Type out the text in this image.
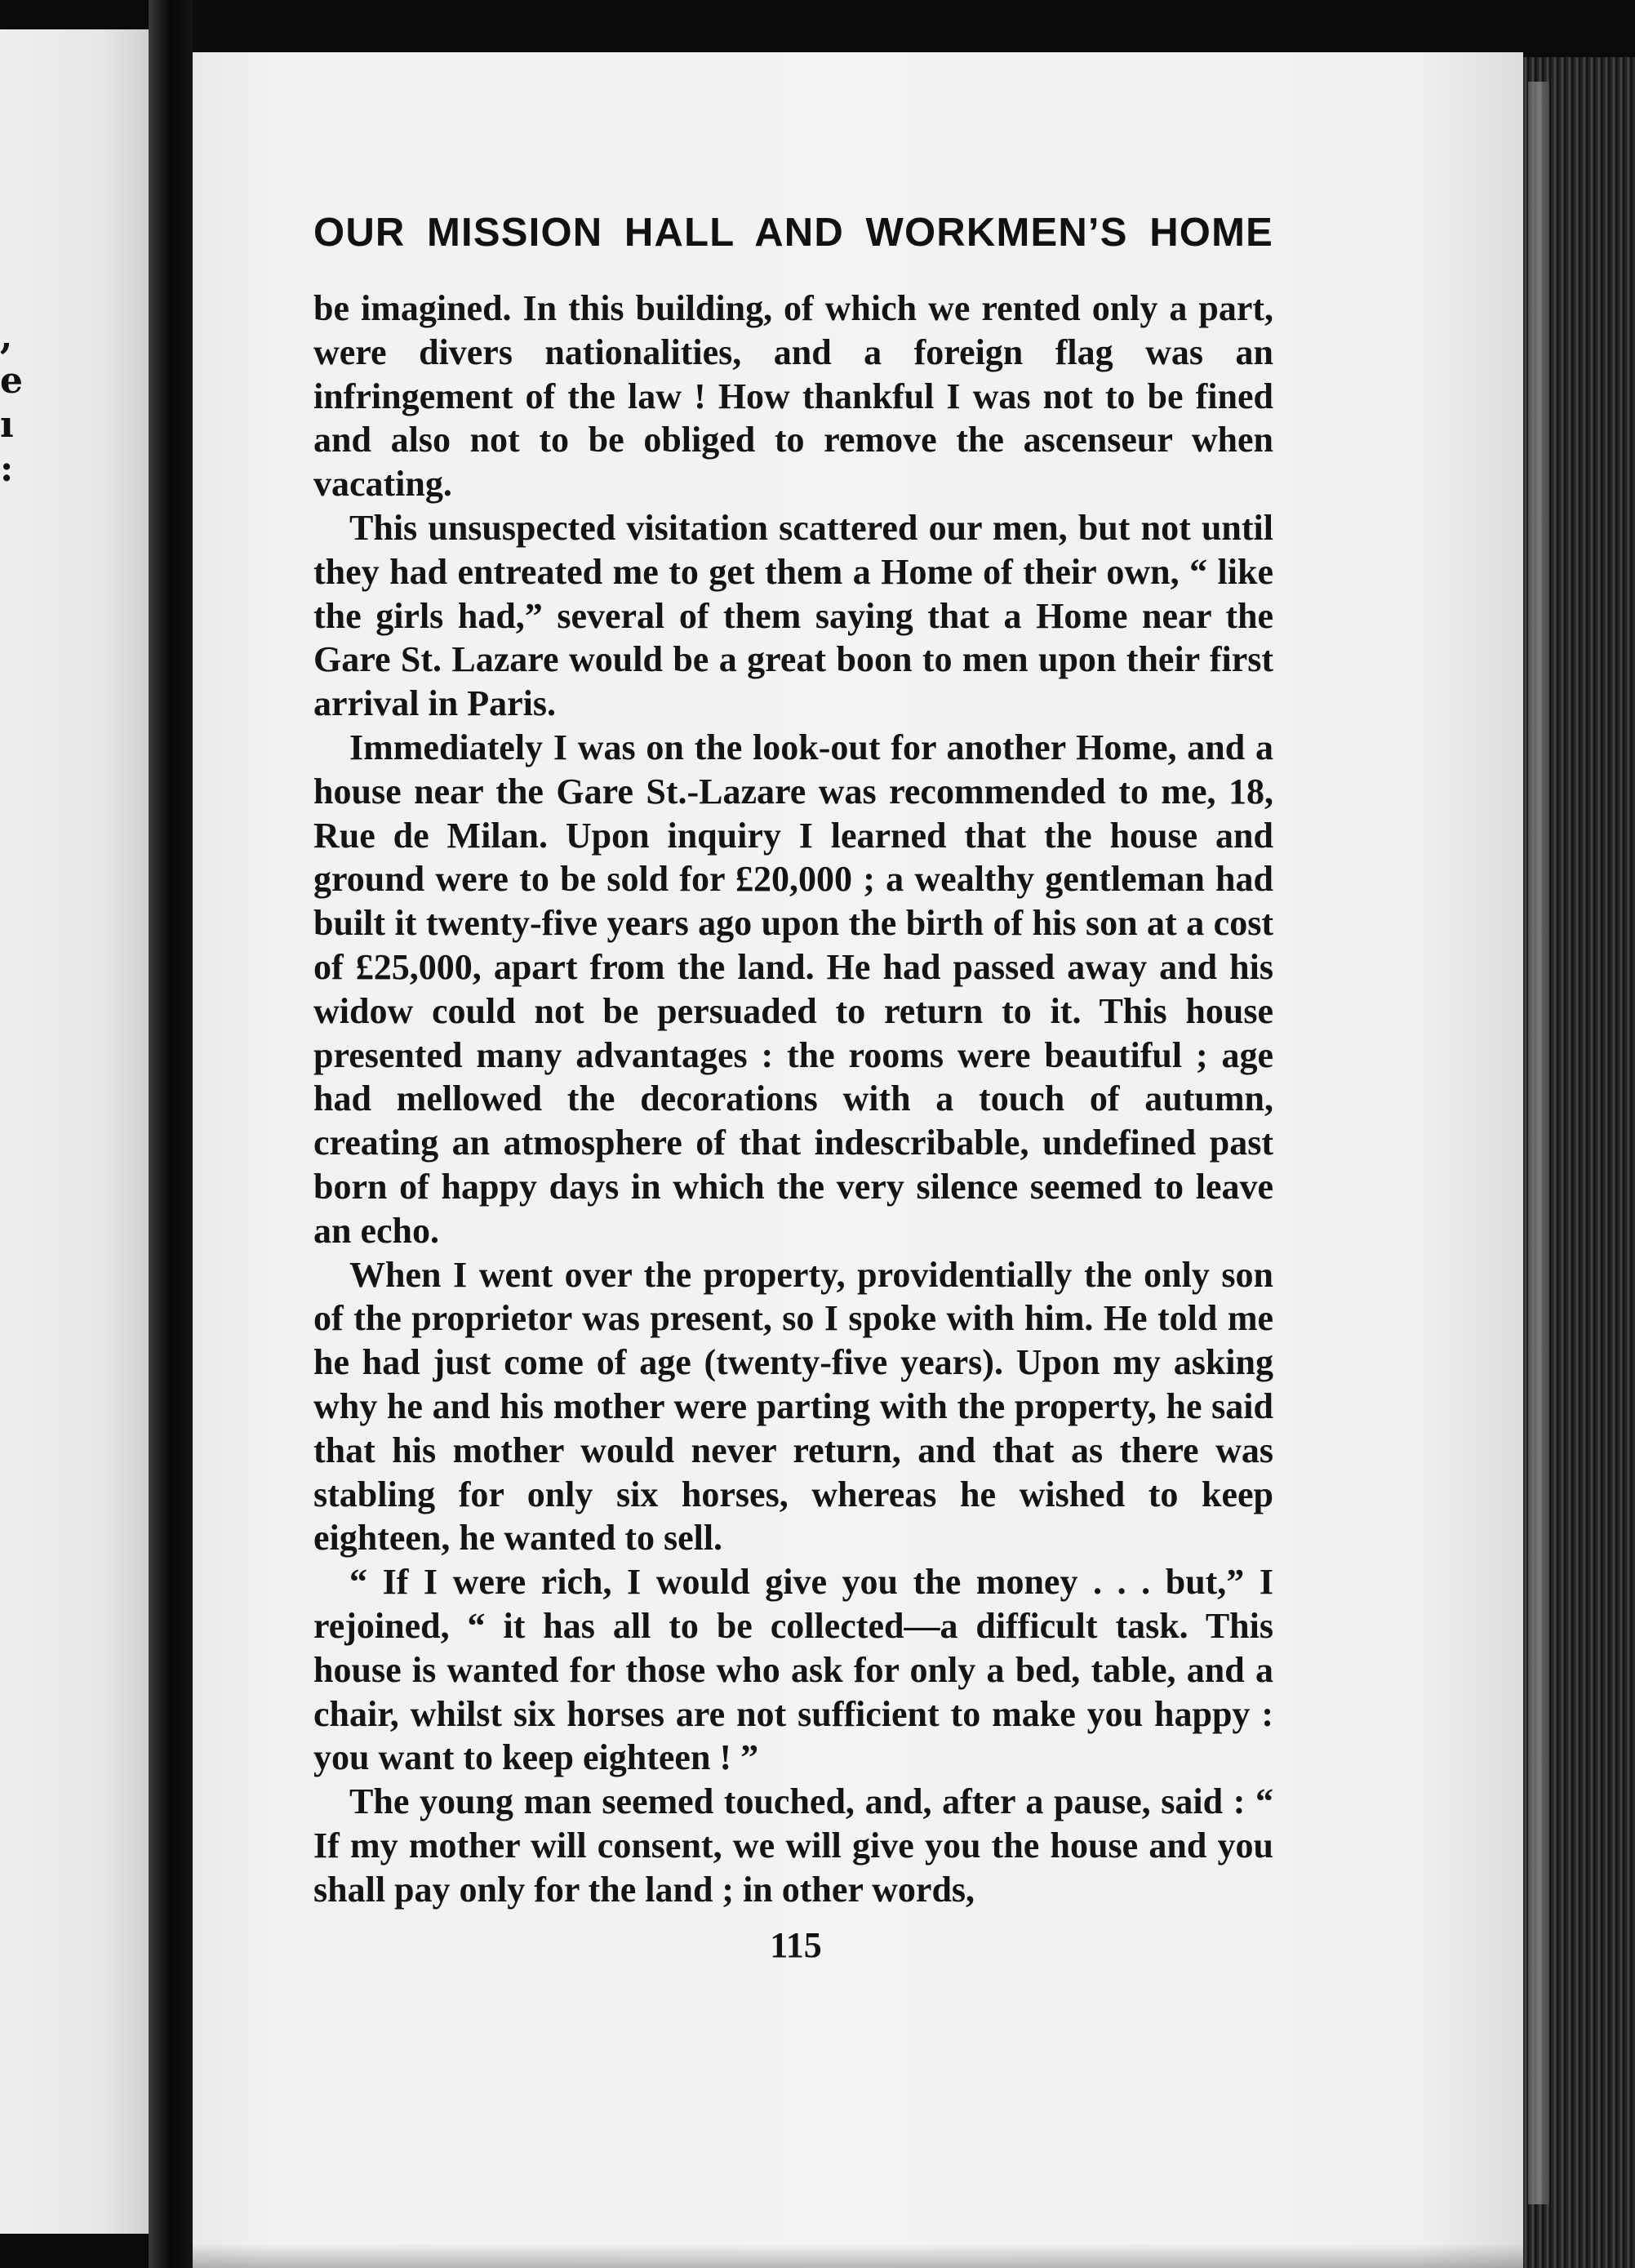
,
e
ı
:
OUR MISSION HALL AND WORKMEN’S HOME

be imagined. In this building, of which we rented only a part, were divers nationalities, and a foreign flag was an infringement of the law ! How thankful I was not to be fined and also not to be obliged to remove the ascenseur when vacating.

This unsuspected visitation scattered our men, but not until they had entreated me to get them a Home of their own, “ like the girls had,” several of them saying that a Home near the Gare St. Lazare would be a great boon to men upon their first arrival in Paris.

Immediately I was on the look-out for another Home, and a house near the Gare St.-Lazare was recommended to me, 18, Rue de Milan. Upon inquiry I learned that the house and ground were to be sold for £20,000 ; a wealthy gentleman had built it twenty-five years ago upon the birth of his son at a cost of £25,000, apart from the land. He had passed away and his widow could not be persuaded to return to it. This house presented many advantages : the rooms were beautiful ; age had mellowed the decorations with a touch of autumn, creating an atmosphere of that indescribable, undefined past born of happy days in which the very silence seemed to leave an echo.

When I went over the property, providentially the only son of the proprietor was present, so I spoke with him. He told me he had just come of age (twenty-five years). Upon my asking why he and his mother were parting with the property, he said that his mother would never return, and that as there was stabling for only six horses, whereas he wished to keep eighteen, he wanted to sell.

“ If I were rich, I would give you the money . . . but,” I rejoined, “ it has all to be collected—a difficult task. This house is wanted for those who ask for only a bed, table, and a chair, whilst six horses are not sufficient to make you happy : you want to keep eighteen ! ”

The young man seemed touched, and, after a pause, said : “ If my mother will consent, we will give you the house and you shall pay only for the land ; in other words,

115
